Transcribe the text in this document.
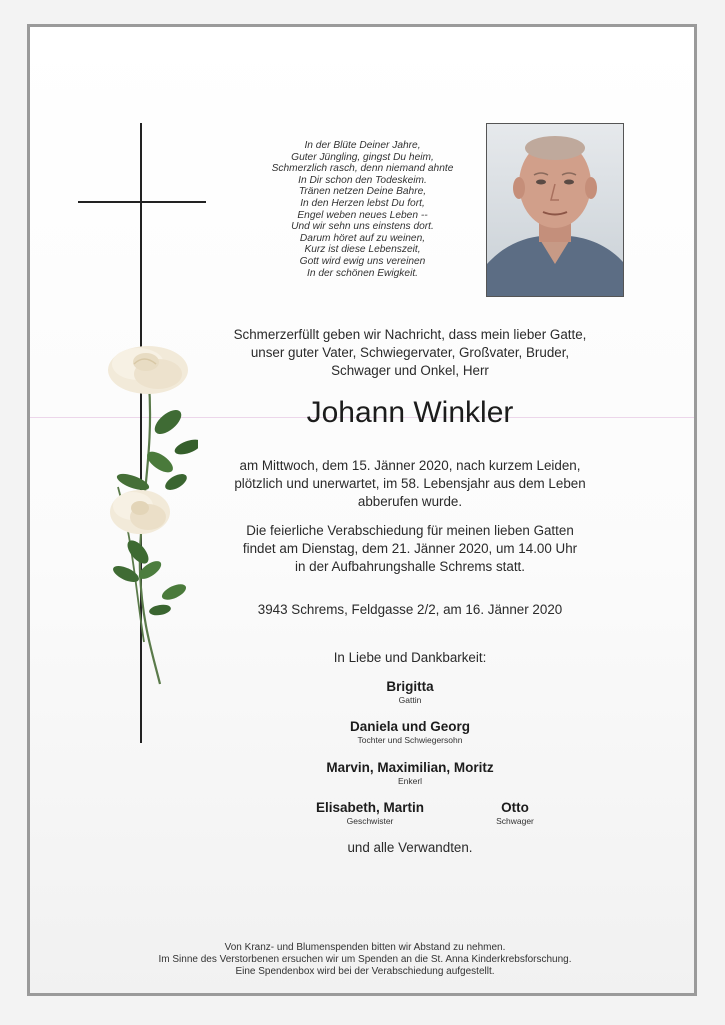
In der Blüte Deiner Jahre,
Guter Jüngling, gingst Du heim,
Schmerzlich rasch, denn niemand ahnte
In Dir schon den Todeskeim.
Tränen netzen Deine Bahre,
In den Herzen lebst Du fort,
Engel weben neues Leben --
Und wir sehn uns einstens dort.
Darum höret auf zu weinen,
Kurz ist diese Lebenszeit,
Gott wird ewig uns vereinen
In der schönen Ewigkeit.
Schmerzerfüllt geben wir Nachricht, dass mein lieber Gatte,
unser guter Vater, Schwiegervater, Großvater, Bruder,
Schwager und Onkel, Herr
Johann Winkler
am Mittwoch, dem 15. Jänner 2020, nach kurzem Leiden,
plötzlich und unerwartet, im 58. Lebensjahr aus dem Leben
abberufen wurde.
Die feierliche Verabschiedung für meinen lieben Gatten
findet am Dienstag, dem 21. Jänner 2020, um 14.00 Uhr
in der Aufbahrungshalle Schrems statt.
3943 Schrems, Feldgasse 2/2, am 16. Jänner 2020
In Liebe und Dankbarkeit:
Brigitta
Gattin
Daniela und Georg
Tochter und Schwiegersohn
Marvin, Maximilian, Moritz
Enkerl
Elisabeth, Martin
Geschwister
Otto
Schwager
und alle Verwandten.
Von Kranz- und Blumenspenden bitten wir Abstand zu nehmen.
Im Sinne des Verstorbenen ersuchen wir um Spenden an die St. Anna Kinderkrebsforschung.
Eine Spendenbox wird bei der Verabschiedung aufgestellt.
